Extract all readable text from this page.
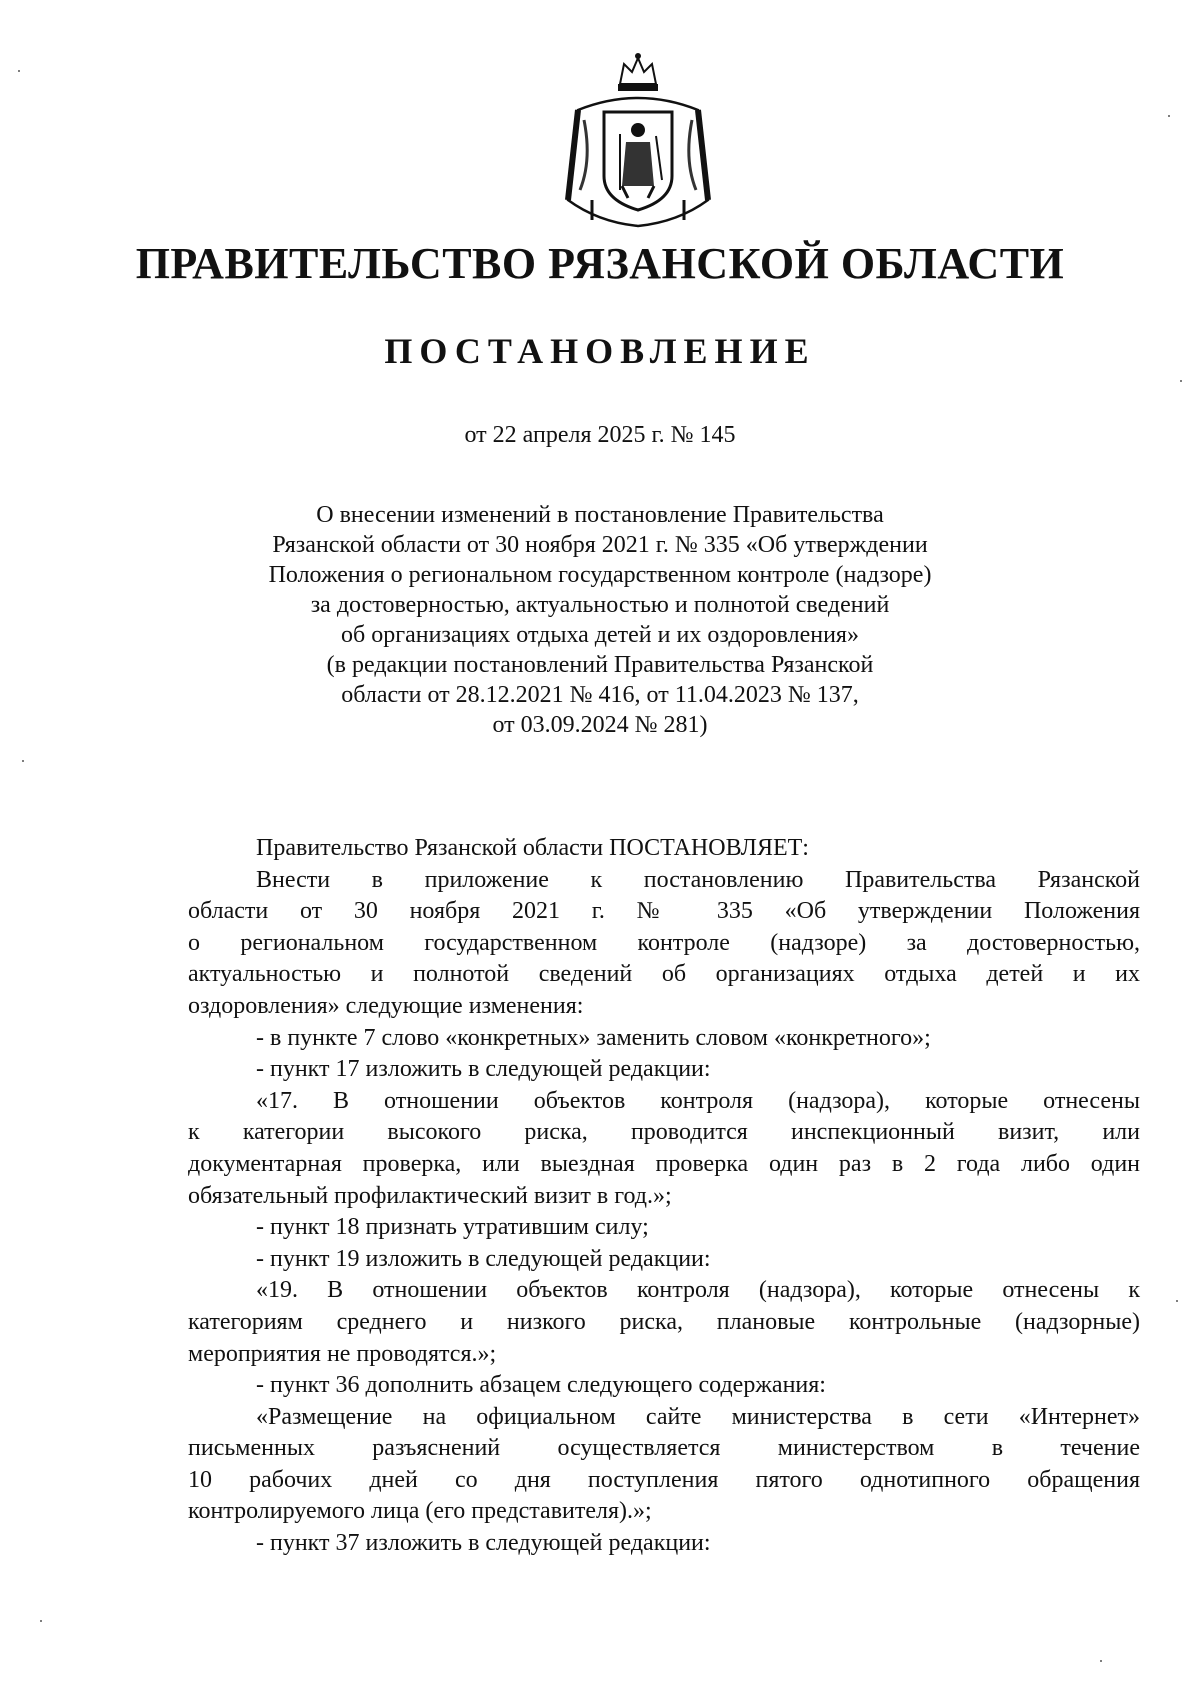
ПРАВИТЕЛЬСТВО РЯЗАНСКОЙ ОБЛАСТИ
ПОСТАНОВЛЕНИЕ
от 22 апреля 2025 г. № 145
О внесении изменений в постановление Правительства
Рязанской области от 30 ноября 2021 г. № 335 «Об утверждении
Положения о региональном государственном контроле (надзоре)
за достоверностью, актуальностью и полнотой сведений
об организациях отдыха детей и их оздоровления»
(в редакции постановлений Правительства Рязанской
области от 28.12.2021 № 416, от 11.04.2023 № 137,
от 03.09.2024 № 281)

Правительство Рязанской области ПОСТАНОВЛЯЕТ:

Внести в приложение к постановлению Правительства Рязанской

области от 30 ноября 2021 г. № 335 «Об утверждении Положения

о региональном государственном контроле (надзоре) за достоверностью,

актуальностью и полнотой сведений об организациях отдыха детей и их

оздоровления» следующие изменения:

- в пункте 7 слово «конкретных» заменить словом «конкретного»;

- пункт 17 изложить в следующей редакции:

«17. В отношении объектов контроля (надзора), которые отнесены

к категории высокого риска, проводится инспекционный визит, или

документарная проверка, или выездная проверка один раз в 2 года либо один

обязательный профилактический визит в год.»;

- пункт 18 признать утратившим силу;

- пункт 19 изложить в следующей редакции:

«19. В отношении объектов контроля (надзора), которые отнесены к

категориям среднего и низкого риска, плановые контрольные (надзорные)

мероприятия не проводятся.»;

- пункт 36 дополнить абзацем следующего содержания:

«Размещение на официальном сайте министерства в сети «Интернет»

письменных разъяснений осуществляется министерством в течение

10 рабочих дней со дня поступления пятого однотипного обращения

контролируемого лица (его представителя).»;

- пункт 37 изложить в следующей редакции:
